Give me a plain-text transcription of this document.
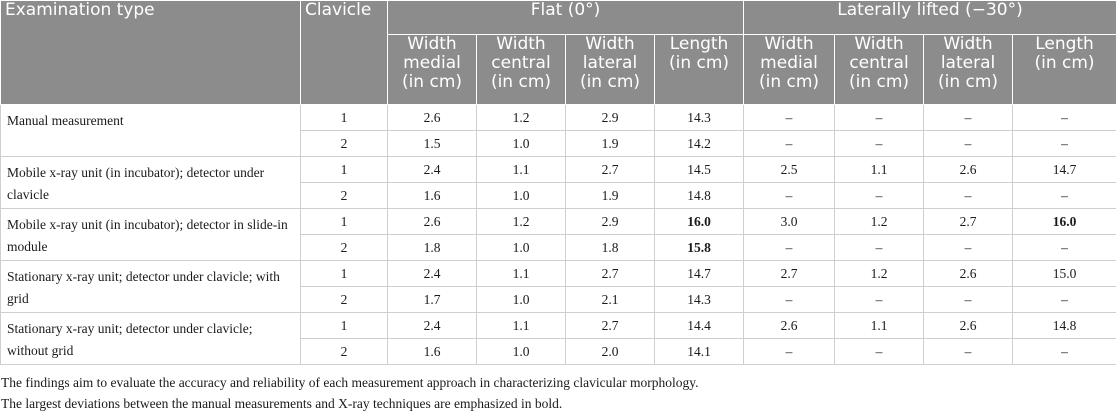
Examination type	Clavicle	Flat (0°)				Laterally lifted (−30°)			

		Width
medial
(in cm)	Width
central
(in cm)	Width
lateral
(in cm)	Length
(in cm)	Width
medial
(in cm)	Width
central
(in cm)	Width
lateral
(in cm)	Length
(in cm)

Manual measurement	1	2.6	1.2	2.9	14.3	–	–	–	–
	2	1.5	1.0	1.9	14.2	–	–	–	–
Mobile x-ray unit (in incubator); detector under clavicle	1	2.4	1.1	2.7	14.5	2.5	1.1	2.6	14.7
	2	1.6	1.0	1.9	14.8	–	–	–	–
Mobile x-ray unit (in incubator); detector in slide-in module	1	2.6	1.2	2.9	16.0	3.0	1.2	2.7	16.0
	2	1.8	1.0	1.8	15.8	–	–	–	–
Stationary x-ray unit; detector under clavicle; with grid	1	2.4	1.1	2.7	14.7	2.7	1.2	2.6	15.0
	2	1.7	1.0	2.1	14.3	–	–	–	–
Stationary x-ray unit; detector under clavicle; without grid	1	2.4	1.1	2.7	14.4	2.6	1.1	2.6	14.8
	2	1.6	1.0	2.0	14.1	–	–	–	–

The findings aim to evaluate the accuracy and reliability of each measurement approach in characterizing clavicular morphology.

The largest deviations between the manual measurements and X-ray techniques are emphasized in bold.
